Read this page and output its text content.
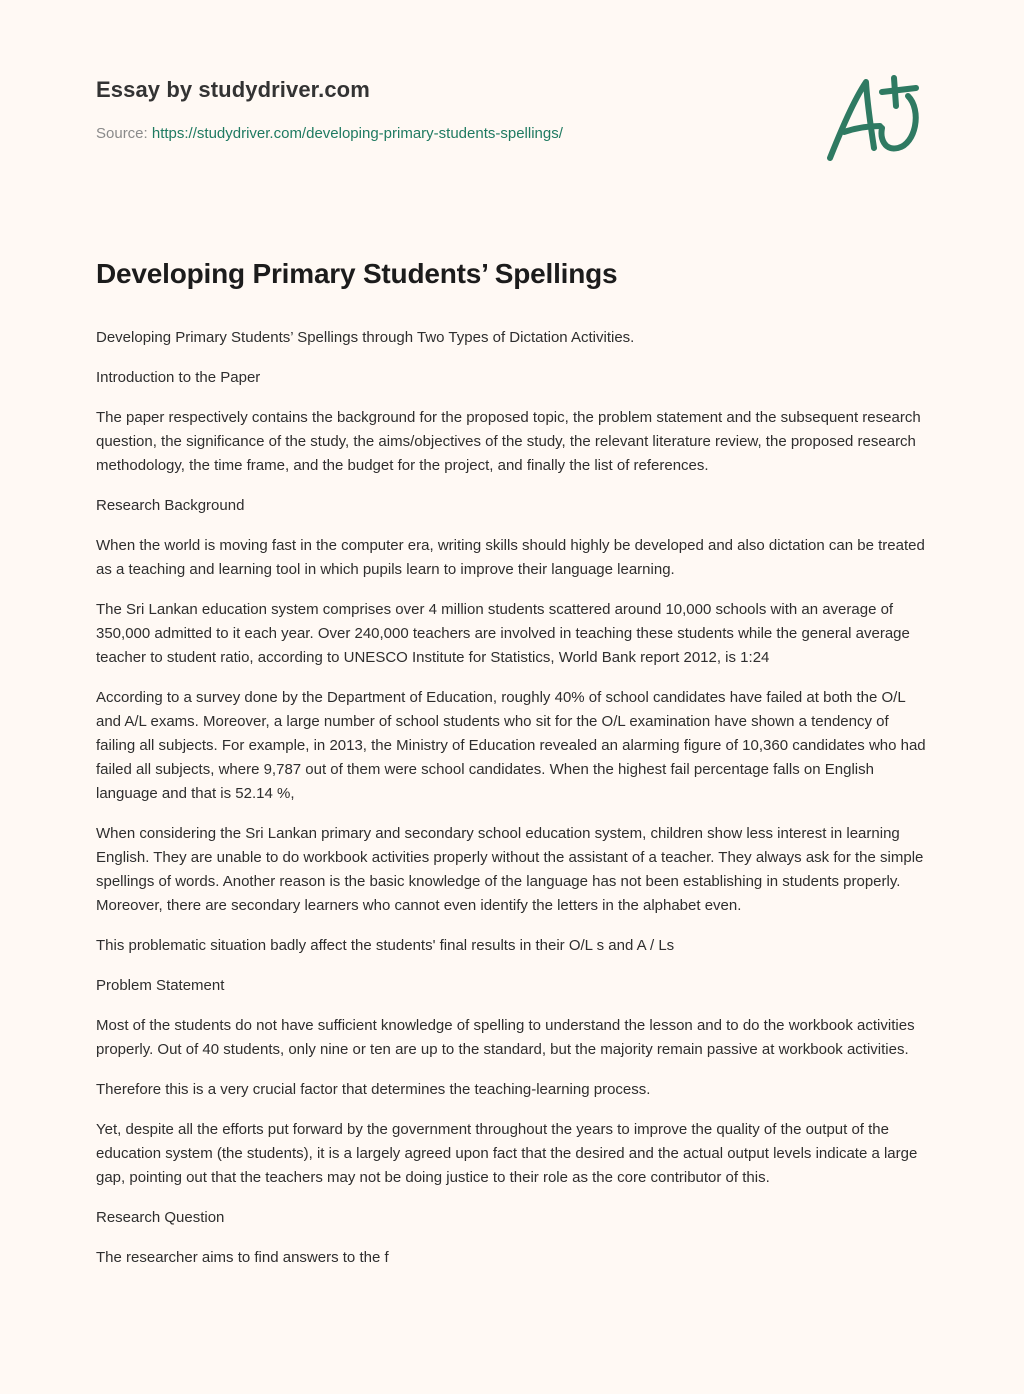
Essay by studydriver.com
Source: https://studydriver.com/developing-primary-students-spellings/
Developing Primary Students’ Spellings

Developing Primary Students’ Spellings through Two Types of Dictation Activities.

Introduction to the Paper

The paper respectively contains the background for the proposed topic, the problem statement and the subsequent research question, the significance of the study, the aims/objectives of the study, the relevant literature review, the proposed research methodology, the time frame, and the budget for the project, and finally the list of references.

Research Background

When the world is moving fast in the computer era, writing skills should highly be developed and also dictation can be treated as a teaching and learning tool in which pupils learn to improve their language learning.

The Sri Lankan education system comprises over 4 million students scattered around 10,000 schools with an average of 350,000 admitted to it each year. Over 240,000 teachers are involved in teaching these students while the general average teacher to student ratio, according to UNESCO Institute for Statistics, World Bank report 2012, is 1:24

According to a survey done by the Department of Education, roughly 40% of school candidates have failed at both the O/L and A/L exams. Moreover, a large number of school students who sit for the O/L examination have shown a tendency of failing all subjects. For example, in 2013, the Ministry of Education revealed an alarming figure of 10,360 candidates who had failed all subjects, where 9,787 out of them were school candidates. When the highest fail percentage falls on English language and that is 52.14 %,

When considering the Sri Lankan primary and secondary school education system, children show less interest in learning English. They are unable to do workbook activities properly without the assistant of a teacher. They always ask for the simple spellings of words. Another reason is the basic knowledge of the language has not been establishing in students properly. Moreover, there are secondary learners who cannot even identify the letters in the alphabet even.

This problematic situation badly affect the students' final results in their O/L s and A / Ls

Problem Statement

Most of the students do not have sufficient knowledge of spelling to understand the lesson and to do the workbook activities properly. Out of 40 students, only nine or ten are up to the standard, but the majority remain passive at workbook activities.

Therefore this is a very crucial factor that determines the teaching-learning process.

Yet, despite all the efforts put forward by the government throughout the years to improve the quality of the output of the education system (the students), it is a largely agreed upon fact that the desired and the actual output levels indicate a large gap, pointing out that the teachers may not be doing justice to their role as the core contributor of this.

Research Question

The researcher aims to find answers to the f
